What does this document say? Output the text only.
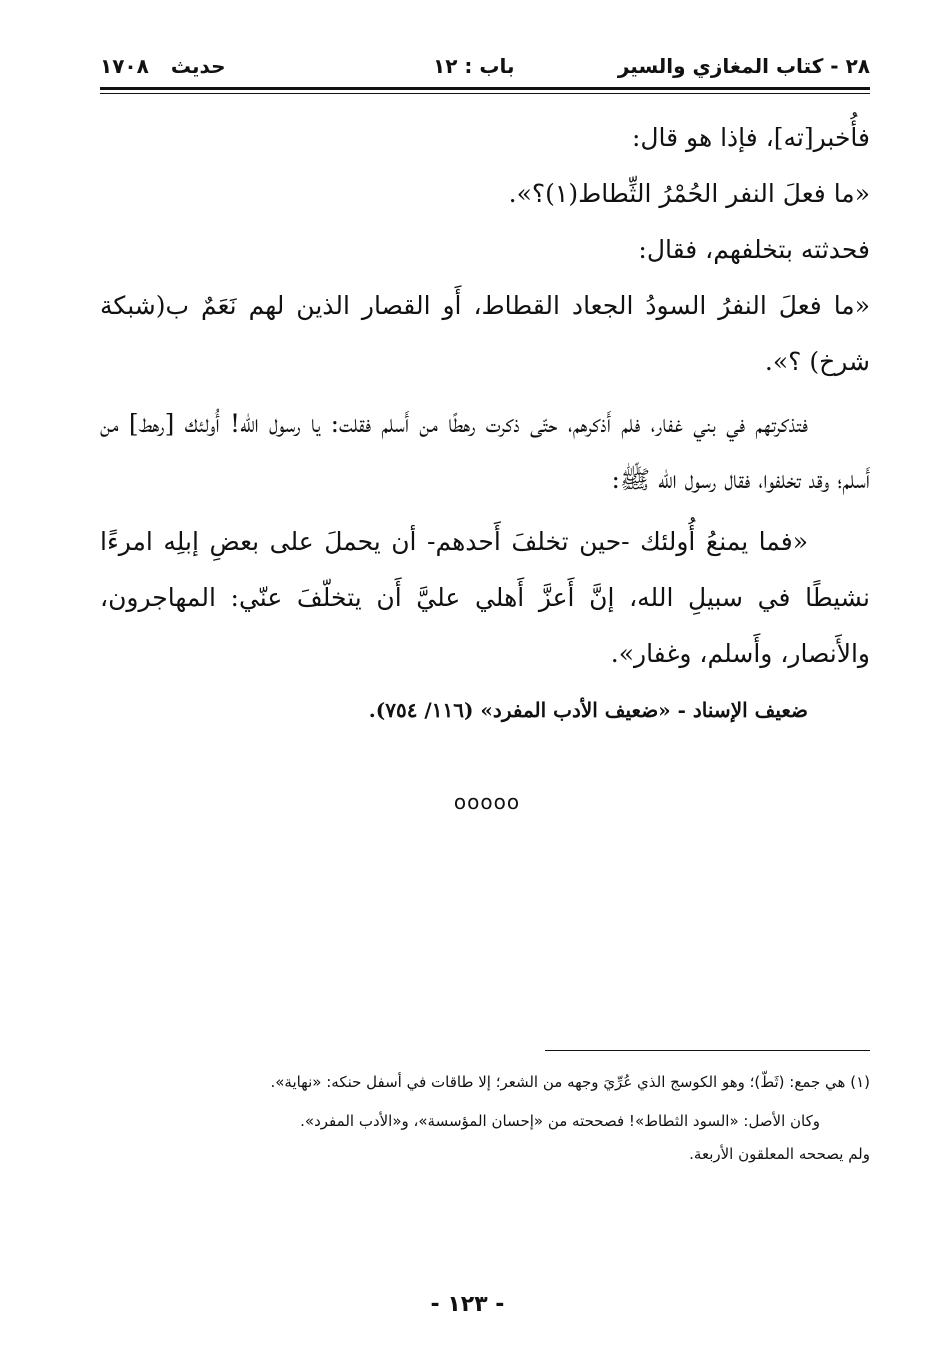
٢٨ - كتاب المغازي والسير
باب : ١٢
حديث١٧٠٨

فأُخبر[ته]، فإذا هو قال:

«ما فعلَ النفر الحُمْرُ الثِّطاط(١)؟».

فحدثته بتخلفهم، فقال:

«ما فعلَ النفرُ السودُ الجعاد القطاط، أَو القصار الذين لهم نَعَمٌ ب(شبكة شرخ) ؟».

فتذكرتهم في بني غفار، فلم أَذكرهم، حتّى ذكرت رهطًا من أَسلم فقلت: يا رسول الله! أُولئك [رهط] من أَسلم؛ وقد تخلفوا، فقال رسول الله ﷺ:

«فما يمنعُ أُولئك -حين تخلفَ أَحدهم- أن يحملَ على بعضِ إبلِه امرءًا نشيطًا في سبيلِ الله، إنَّ أَعزَّ أَهلي عليَّ أَن يتخلّفَ عنّي: المهاجرون، والأَنصار، وأَسلم، وغفار».

ضعيف الإسناد - «ضعيف الأدب المفرد» (١١٦/ ٧٥٤).

ooooo

(١) هي جمع: (ثَطّ)؛ وهو الكوسج الذي عُرِّيَ وجهه من الشعر؛ إلا طاقات في أسفل حنكه: «نهاية».

وكان الأصل: «السود الثطاط»! فصححته من «إحسان المؤسسة»، و«الأدب المفرد».

ولم يصححه المعلقون الأربعة.

- ١٢٣ -
